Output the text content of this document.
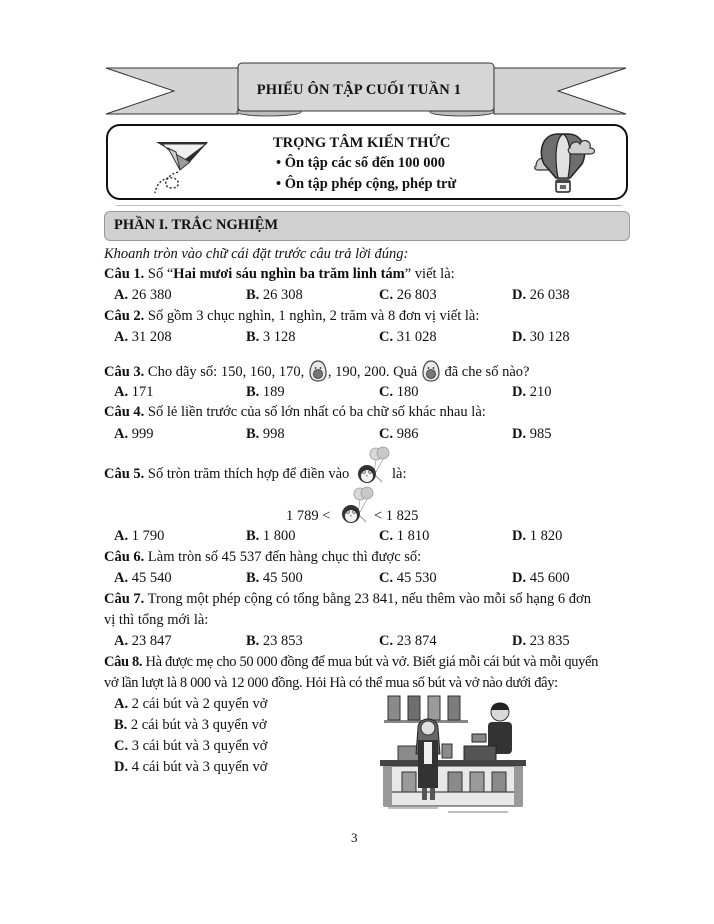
PHIẾU ÔN TẬP CUỐI TUẦN 1
TRỌNG TÂM KIẾN THỨC
• Ôn tập các số đến 100 000
• Ôn tập phép cộng, phép trừ
PHẦN I. TRẮC NGHIỆM
Khoanh tròn vào chữ cái đặt trước câu trả lời đúng:
Câu 1. Số “Hai mươi sáu nghìn ba trăm linh tám” viết là:
A. 26 380	B. 26 308	C. 26 803	D. 26 038
Câu 2. Số gồm 3 chục nghìn, 1 nghìn, 2 trăm và 8 đơn vị viết là:
A. 31 208	B. 3 128	C. 31 028	D. 30 128
Câu 3. Cho dãy số: 150, 160, 170, , 190, 200. Quả  đã che số nào?
A. 171	B. 189	C. 180	D. 210
Câu 4. Số lẻ liền trước của số lớn nhất có ba chữ số khác nhau là:
A. 999	B. 998	C. 986	D. 985
Câu 5. Số tròn trăm thích hợp để điền vào	là:
1 789 <	< 1 825
A. 1 790	B. 1 800	C. 1 810	D. 1 820
Câu 6. Làm tròn số 45 537 đến hàng chục thì được số:
A. 45 540	B. 45 500	C. 45 530	D. 45 600
Câu 7. Trong một phép cộng có tổng bằng 23 841, nếu thêm vào mỗi số hạng 6 đơn
vị thì tổng mới là:
A. 23 847	B. 23 853	C. 23 874	D. 23 835
Câu 8. Hà được mẹ cho 50 000 đồng để mua bút và vở. Biết giá mỗi cái bút và mỗi quyển
vở lần lượt là 8 000 và 12 000 đồng. Hỏi Hà có thể mua số bút và vở nào dưới đây:
A. 2 cái bút và 2 quyển vở
B. 2 cái bút và 3 quyển vở
C. 3 cái bút và 3 quyển vở
D. 4 cái bút và 3 quyển vở
3
